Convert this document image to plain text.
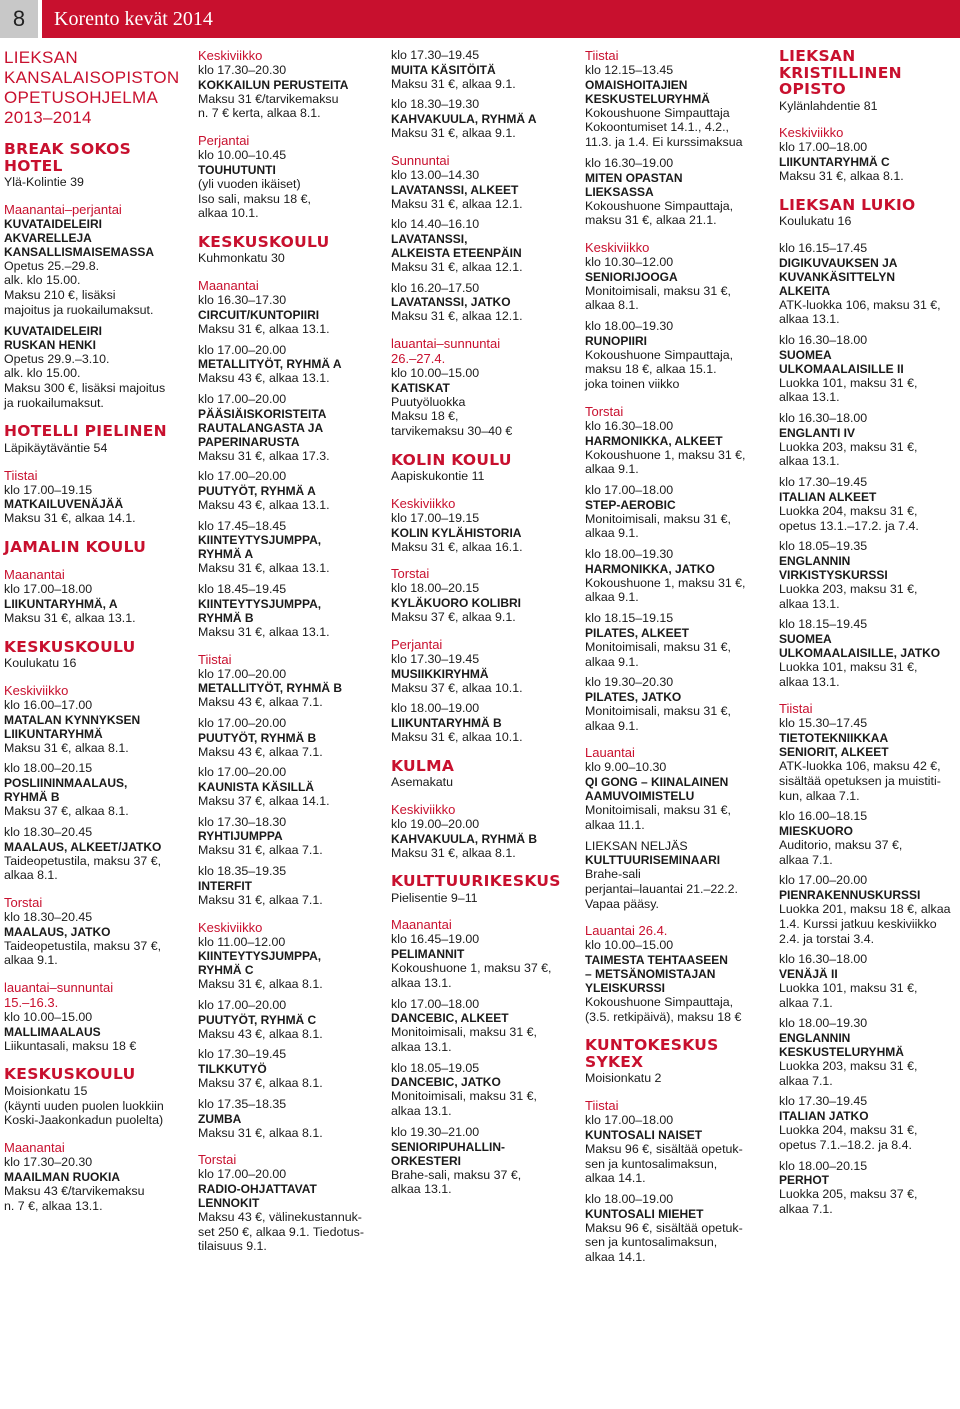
8	Korento kevät 2014
LIEKSAN
KANSALAISOPISTON
OPETUSOHJELMA
2013–2014
BREAK SOKOS
HOTEL
Ylä-Kolintie 39
Maanantai–perjantai
KUVATAIDELEIRI
AKVARELLEJA
KANSALLISMAISEMASSA
Opetus 25.–29.8.
alk. klo 15.00.
Maksu 210 €, lisäksi
majoitus ja ruokailumaksut.
KUVATAIDELEIRI
RUSKAN HENKI
Opetus 29.9.–3.10.
alk. klo 15.00.
Maksu 300 €, lisäksi majoitus
ja ruokailumaksut.
HOTELLI PIELINEN
Läpikäytäväntie 54
Tiistai
klo 17.00–19.15
MATKAILUVENÄJÄÄ
Maksu 31 €, alkaa 14.1.
JAMALIN KOULU
Maanantai
klo 17.00–18.00
LIIKUNTARYHMÄ, A
Maksu 31 €, alkaa 13.1.
KESKUSKOULU
Koulukatu 16
Keskiviikko
klo 16.00–17.00
MATALAN KYNNYKSEN
LIIKUNTARYHMÄ
Maksu 31 €, alkaa 8.1.
klo 18.00–20.15
POSLIININMAALAUS,
RYHMÄ B
Maksu 37 €, alkaa 8.1.
klo 18.30–20.45
MAALAUS, ALKEET/JATKO
Taideopetustila, maksu 37 €,
alkaa 8.1.
Torstai
klo 18.30–20.45
MAALAUS, JATKO
Taideopetustila, maksu 37 €,
alkaa 9.1.
lauantai–sunnuntai
15.–16.3.
klo 10.00–15.00
MALLIMAALAUS
Liikuntasali, maksu 18 €
KESKUSKOULU
Moisionkatu 15
(käynti uuden puolen luokkiin
Koski-Jaakonkadun puolelta)
Maanantai
klo 17.30–20.30
MAAILMAN RUOKIA
Maksu 43 €/tarvikemaksu
n. 7 €, alkaa 13.1.
Keskiviikko
klo 17.30–20.30
KOKKAILUN PERUSTEITA
Maksu 31 €/tarvikemaksu
n. 7 € kerta, alkaa 8.1.
Perjantai
klo 10.00–10.45
TOUHUTUNTI
(yli vuoden ikäiset)
Iso sali, maksu 18 €,
alkaa 10.1.
KESKUSKOULU
Kuhmonkatu 30
Maanantai
klo 16.30–17.30
CIRCUIT/KUNTOPIIRI
Maksu 31 €, alkaa 13.1.
klo 17.00–20.00
METALLITYÖT, RYHMÄ A
Maksu 43 €, alkaa 13.1.
klo 17.00–20.00
PÄÄSIÄISKORISTEITA
RAUTALANGASTA JA
PAPERINARUSTA
Maksu 31 €, alkaa 17.3.
klo 17.00–20.00
PUUTYÖT, RYHMÄ A
Maksu 43 €, alkaa 13.1.
klo 17.45–18.45
KIINTEYTYSJUMPPA,
RYHMÄ A
Maksu 31 €, alkaa 13.1.
klo 18.45–19.45
KIINTEYTYSJUMPPA,
RYHMÄ B
Maksu 31 €, alkaa 13.1.
Tiistai
klo 17.00–20.00
METALLITYÖT, RYHMÄ B
Maksu 43 €, alkaa 7.1.
klo 17.00–20.00
PUUTYÖT, RYHMÄ B
Maksu 43 €, alkaa 7.1.
klo 17.00–20.00
KAUNISTA KÄSILLÄ
Maksu 37 €, alkaa 14.1.
klo 17.30–18.30
RYHTIJUMPPA
Maksu 31 €, alkaa 7.1.
klo 18.35–19.35
INTERFIT
Maksu 31 €, alkaa 7.1.
Keskiviikko
klo 11.00–12.00
KIINTEYTYSJUMPPA,
RYHMÄ C
Maksu 31 €, alkaa 8.1.
klo 17.00–20.00
PUUTYÖT, RYHMÄ C
Maksu 43 €, alkaa 8.1.
klo 17.30–19.45
TILKKUTYÖ
Maksu 37 €, alkaa 8.1.
klo 17.35–18.35
ZUMBA
Maksu 31 €, alkaa 8.1.
Torstai
klo 17.00–20.00
RADIO-OHJATTAVAT
LENNOKIT
Maksu 43 €, välinekustannuk-
set 250 €, alkaa 9.1. Tiedotus-
tilaisuus 9.1.
klo 17.30–19.45
MUITA KÄSITÖITÄ
Maksu 31 €, alkaa 9.1.
klo 18.30–19.30
KAHVAKUULA, RYHMÄ A
Maksu 31 €, alkaa 9.1.
Sunnuntai
klo 13.00–14.30
LAVATANSSI, ALKEET
Maksu 31 €, alkaa 12.1.
klo 14.40–16.10
LAVATANSSI,
ALKEISTA ETEENPÄIN
Maksu 31 €, alkaa 12.1.
klo 16.20–17.50
LAVATANSSI, JATKO
Maksu 31 €, alkaa 12.1.
lauantai–sunnuntai
26.–27.4.
klo 10.00–15.00
KATISKAT
Puutyöluokka
Maksu 18 €,
tarvikemaksu 30–40 €
KOLIN KOULU
Aapiskukontie 11
Keskiviikko
klo 17.00–19.15
KOLIN KYLÄHISTORIA
Maksu 31 €, alkaa 16.1.
Torstai
klo 18.00–20.15
KYLÄKUORO KOLIBRI
Maksu 37 €, alkaa 9.1.
Perjantai
klo 17.30–19.45
MUSIIKKIRYHMÄ
Maksu 37 €, alkaa 10.1.
klo 18.00–19.00
LIIKUNTARYHMÄ B
Maksu 31 €, alkaa 10.1.
KULMA
Asemakatu
Keskiviikko
klo 19.00–20.00
KAHVAKUULA, RYHMÄ B
Maksu 31 €, alkaa 8.1.
KULTTUURIKESKUS
Pielisentie 9–11
Maanantai
klo 16.45–19.00
PELIMANNIT
Kokoushuone 1, maksu 37 €,
alkaa 13.1.
klo 17.00–18.00
DANCEBIC, ALKEET
Monitoimisali, maksu 31 €,
alkaa 13.1.
klo 18.05–19.05
DANCEBIC, JATKO
Monitoimisali, maksu 31 €,
alkaa 13.1.
klo 19.30–21.00
SENIORIPUHALLIN-
ORKESTERI
Brahe-sali, maksu 37 €,
alkaa 13.1.
Tiistai
klo 12.15–13.45
OMAISHOITAJIEN
KESKUSTELURYHMÄ
Kokoushuone Simpauttaja
Kokoontumiset 14.1., 4.2.,
11.3. ja 1.4. Ei kurssimaksua
klo 16.30–19.00
MITEN OPASTAN
LIEKSASSA
Kokoushuone Simpauttaja,
maksu 31 €, alkaa 21.1.
Keskiviikko
klo 10.30–12.00
SENIORIJOOGA
Monitoimisali, maksu 31 €,
alkaa 8.1.
klo 18.00–19.30
RUNOPIIRI
Kokoushuone Simpauttaja,
maksu 18 €, alkaa 15.1.
joka toinen viikko
Torstai
klo 16.30–18.00
HARMONIKKA, ALKEET
Kokoushuone 1, maksu 31 €,
alkaa 9.1.
klo 17.00–18.00
STEP-AEROBIC
Monitoimisali, maksu 31 €,
alkaa 9.1.
klo 18.00–19.30
HARMONIKKA, JATKO
Kokoushuone 1, maksu 31 €,
alkaa 9.1.
klo 18.15–19.15
PILATES, ALKEET
Monitoimisali, maksu 31 €,
alkaa 9.1.
klo 19.30–20.30
PILATES, JATKO
Monitoimisali, maksu 31 €,
alkaa 9.1.
Lauantai
klo 9.00–10.30
QI GONG – KIINALAINEN
AAMUVOIMISTELU
Monitoimisali, maksu 31 €,
alkaa 11.1.
LIEKSAN NELJÄS
KULTTUURISEMINAARI
Brahe-sali
perjantai–lauantai 21.–22.2.
Vapaa pääsy.
Lauantai 26.4.
klo 10.00–15.00
TAIMESTA TEHTAASEEN
– METSÄNOMISTAJAN
YLEISKURSSI
Kokoushuone Simpauttaja,
(3.5. retkipäivä), maksu 18 €
KUNTOKESKUS
SYKEX
Moisionkatu 2
Tiistai
klo 17.00–18.00
KUNTOSALI NAISET
Maksu 96 €, sisältää opetuk-
sen ja kuntosalimaksun,
alkaa 14.1.
klo 18.00–19.00
KUNTOSALI MIEHET
Maksu 96 €, sisältää opetuk-
sen ja kuntosalimaksun,
alkaa 14.1.
LIEKSAN
KRISTILLINEN
OPISTO
Kylänlahdentie 81
Keskiviikko
klo 17.00–18.00
LIIKUNTARYHMÄ C
Maksu 31 €, alkaa 8.1.
LIEKSAN LUKIO
Koulukatu 16
klo 16.15–17.45
DIGIKUVAUKSEN JA
KUVANKÄSITTELYN
ALKEITA
ATK-luokka 106, maksu 31 €,
alkaa 13.1.
klo 16.30–18.00
SUOMEA
ULKOMAALAISILLE II
Luokka 101, maksu 31 €,
alkaa 13.1.
klo 16.30–18.00
ENGLANTI IV
Luokka 203, maksu 31 €,
alkaa 13.1.
klo 17.30–19.45
ITALIAN ALKEET
Luokka 204, maksu 31 €,
opetus 13.1.–17.2. ja 7.4.
klo 18.05–19.35
ENGLANNIN
VIRKISTYSKURSSI
Luokka 203, maksu 31 €,
alkaa 13.1.
klo 18.15–19.45
SUOMEA
ULKOMAALAISILLE, JATKO
Luokka 101, maksu 31 €,
alkaa 13.1.
Tiistai
klo 15.30–17.45
TIETOTEKNIIKKAA
SENIORIT, ALKEET
ATK-luokka 106, maksu 42 €,
sisältää opetuksen ja muistiti-
kun, alkaa 7.1.
klo 16.00–18.15
MIESKUORO
Auditorio, maksu 37 €,
alkaa 7.1.
klo 17.00–20.00
PIENRAKENNUSKURSSI
Luokka 201, maksu 18 €, alkaa
1.4. Kurssi jatkuu keskiviikko
2.4. ja torstai 3.4.
klo 16.30–18.00
VENÄJÄ II
Luokka 101, maksu 31 €,
alkaa 7.1.
klo 18.00–19.30
ENGLANNIN
KESKUSTELURYHMÄ
Luokka 203, maksu 31 €,
alkaa 7.1.
klo 17.30–19.45
ITALIAN JATKO
Luokka 204, maksu 31 €,
opetus 7.1.–18.2. ja 8.4.
klo 18.00–20.15
PERHOT
Luokka 205, maksu 37 €,
alkaa 7.1.
